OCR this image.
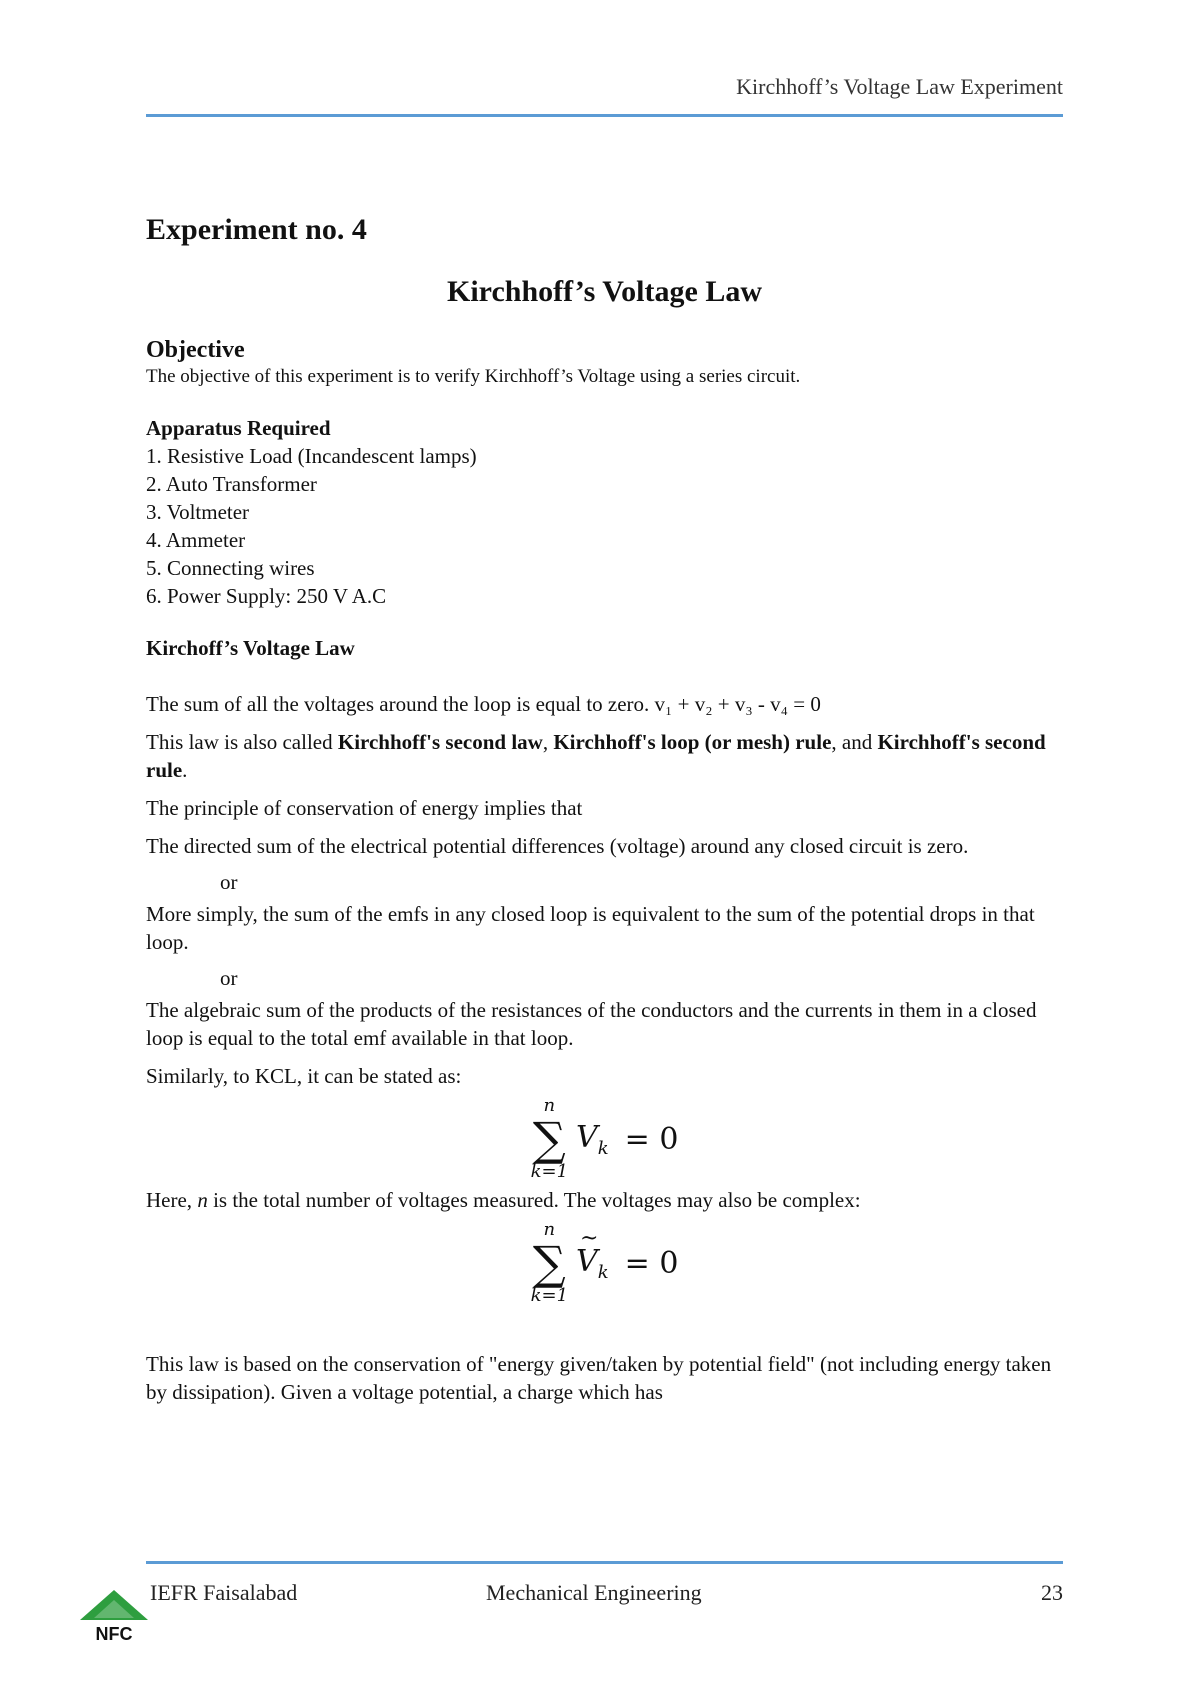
Kirchhoff’s Voltage Law Experiment
Experiment no. 4
Kirchhoff’s Voltage Law
Objective

The objective of this experiment is to verify Kirchhoff’s Voltage using a series circuit.

Apparatus Required
1. Resistive Load (Incandescent lamps)
2. Auto Transformer
3. Voltmeter
4. Ammeter
5. Connecting wires
6. Power Supply: 250 V A.C
Kirchoff’s Voltage Law

The sum of all the voltages around the loop is equal to zero. v₁ + v₂ + v₃ - v₄ = 0

This law is also called Kirchhoff's second law, Kirchhoff's loop (or mesh) rule, and Kirchhoff's second rule.

The principle of conservation of energy implies that

The directed sum of the electrical potential differences (voltage) around any closed circuit is zero.

or

More simply, the sum of the emfs in any closed loop is equivalent to the sum of the potential drops in that loop.

or

The algebraic sum of the products of the resistances of the conductors and the currents in them in a closed loop is equal to the total emf available in that loop.

Similarly, to KCL, it can be stated as:

n
∑
k=1
$V_k = 0$

Here, n is the total number of voltages measured. The voltages may also be complex:

n
∑
k=1
~ $V_k = 0$

This law is based on the conservation of "energy given/taken by potential field" (not including energy taken by dissipation). Given a voltage potential, a charge which has

NFC
IEFR Faisalabad	Mechanical Engineering	23
